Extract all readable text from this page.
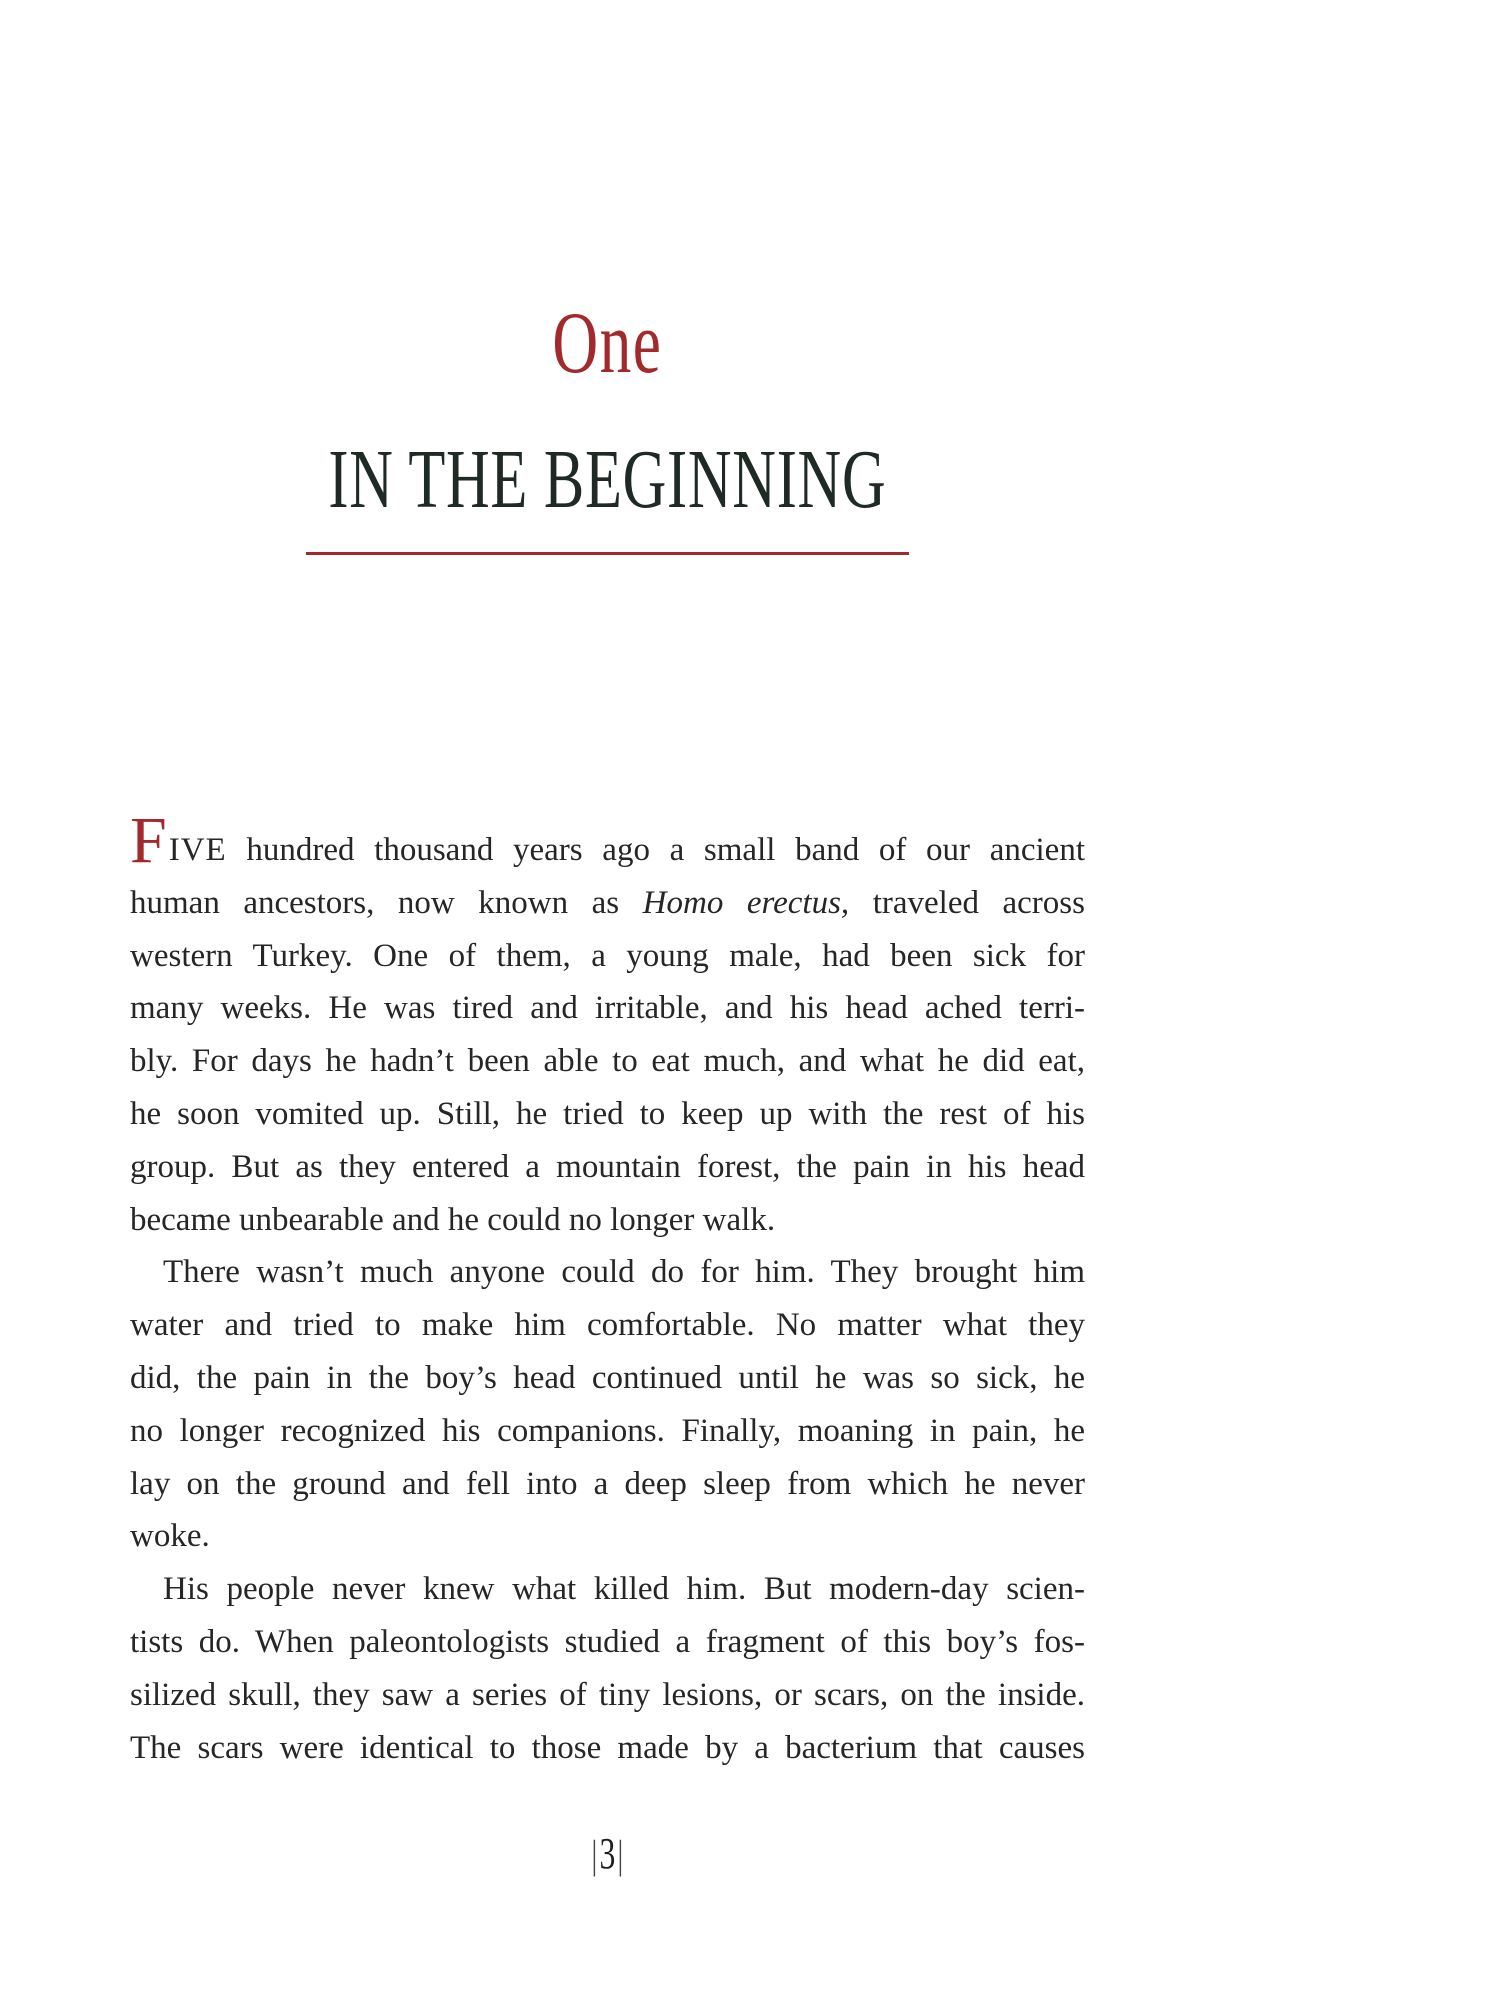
One
IN THE BEGINNING

FIVE hundred thousand years ago a small band of our ancient
human ancestors, now known as Homo erectus, traveled across
western Turkey. One of them, a young male, had been sick for
many weeks. He was tired and irritable, and his head ached terri-
bly. For days he hadn’t been able to eat much, and what he did eat,
he soon vomited up. Still, he tried to keep up with the rest of his
group. But as they entered a mountain forest, the pain in his head
became unbearable and he could no longer walk.

There wasn’t much anyone could do for him. They brought him
water and tried to make him comfortable. No matter what they
did, the pain in the boy’s head continued until he was so sick, he
no longer recognized his companions. Finally, moaning in pain, he
lay on the ground and fell into a deep sleep from which he never
woke.

His people never knew what killed him. But modern-day scien-
tists do. When paleontologists studied a fragment of this boy’s fos-
silized skull, they saw a series of tiny lesions, or scars, on the inside.
The scars were identical to those made by a bacterium that causes

|3|
